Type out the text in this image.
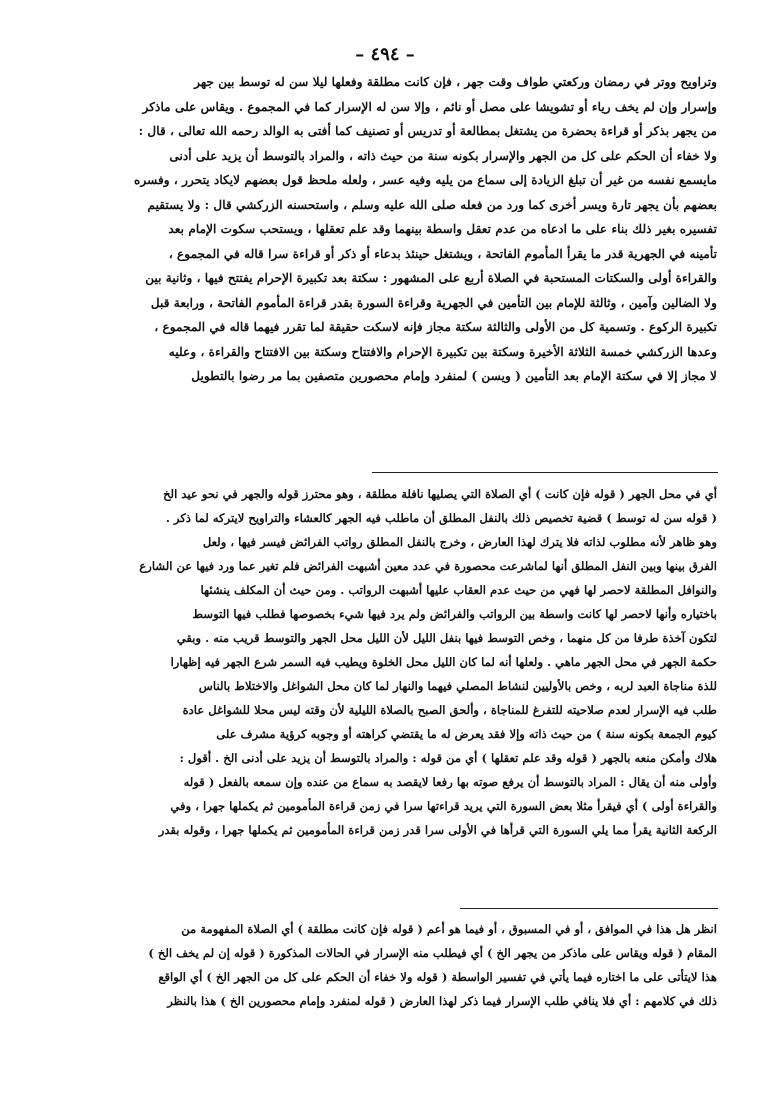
– ٤٩٤ –
وتراويح ووتر في رمضان وركعتي طواف وقت جهر ، فإن كانت مطلقة وفعلها ليلا سن له توسط بين جهر
وإسرار وإن لم يخف رياء أو تشويشا على مصل أو نائم ، وإلا سن له الإسرار كما في المجموع . ويقاس على ماذكر
من يجهر بذكر أو قراءة بحضرة من يشتغل بمطالعة أو تدريس أو تصنيف كما أفتى به الوالد رحمه الله تعالى ، قال :
ولا خفاء أن الحكم على كل من الجهر والإسرار بكونه سنة من حيث ذاته ، والمراد بالتوسط أن يزيد على أدنى
مايسمع نفسه من غير أن تبلغ الزيادة إلى سماع من يليه وفيه عسر ، ولعله ملحظ قول بعضهم لايكاد يتحرر ، وفسره
بعضهم بأن يجهر تارة ويسر أخرى كما ورد من فعله صلى الله عليه وسلم ، واستحسنه الزركشي قال : ولا يستقيم
تفسيره بغير ذلك بناء على ما ادعاه من عدم تعقل واسطة بينهما وقد علم تعقلها ، ويستحب سكوت الإمام بعد
تأمينه في الجهرية قدر ما يقرأ المأموم الفاتحة ، ويشتغل حينئذ بدعاء أو ذكر أو قراءة سرا قاله في المجموع ،
والقراءة أولى والسكتات المستحبة في الصلاة أربع على المشهور : سكتة بعد تكبيرة الإحرام يفتتح فيها ، وثانية بين
ولا الضالين وآمين ، وثالثة للإمام بين التأمين في الجهرية وقراءة السورة بقدر قراءة المأموم الفاتحة ، ورابعة قبل
تكبيرة الركوع . وتسمية كل من الأولى والثالثة سكتة مجاز فإنه لاسكت حقيقة لما تقرر فيهما قاله في المجموع ،
وعدها الزركشي خمسة الثلاثة الأخيرة وسكتة بين تكبيرة الإحرام والافتتاح وسكتة بين الافتتاح والقراءة ، وعليه
لا مجاز إلا في سكتة الإمام بعد التأمين ( ويسن ) لمنفرد وإمام محصورين متصفين بما مر رضوا بالتطويل
أي في محل الجهر ( قوله فإن كانت ) أي الصلاة التي يصليها نافلة مطلقة ، وهو محترز قوله والجهر في نحو عيد الخ
( قوله سن له توسط ) قضية تخصيص ذلك بالنفل المطلق أن ماطلب فيه الجهر كالعشاء والتراويح لايتركه لما ذكر .
وهو ظاهر لأنه مطلوب لذاته فلا يترك لهذا العارض ، وخرج بالنفل المطلق رواتب الفرائض فيسر فيها ، ولعل
الفرق بينها وبين النفل المطلق أنها لماشرعت محصورة في عدد معين أشبهت الفرائض فلم تغير عما ورد فيها عن الشارع
والنوافل المطلقة لاحصر لها فهي من حيث عدم العقاب عليها أشبهت الرواتب . ومن حيث أن المكلف ينشئها
باختياره وأنها لاحصر لها كانت واسطة بين الرواتب والفرائض ولم يرد فيها شيء بخصوصها فطلب فيها التوسط
لتكون آخذة طرفا من كل منهما ، وخص التوسط فيها بنفل الليل لأن الليل محل الجهر والتوسط قريب منه . وبقي
حكمة الجهر في محل الجهر ماهي . ولعلها أنه لما كان الليل محل الخلوة ويطيب فيه السمر شرع الجهر فيه إظهارا
للذة مناجاة العبد لربه ، وخص بالأوليين لنشاط المصلي فيهما والنهار لما كان محل الشواغل والاختلاط بالناس
طلب فيه الإسرار لعدم صلاحيته للتفرغ للمناجاة ، وألحق الصبح بالصلاة الليلية لأن وقته ليس محلا للشواغل عادة
كيوم الجمعة بكونه سنة ) من حيث ذاته وإلا فقد يعرض له ما يقتضي كراهته أو وجوبه كرؤية مشرف على
هلاك وأمكن منعه بالجهر ( قوله وقد علم تعقلها ) أي من قوله : والمراد بالتوسط أن يزيد على أدنى الخ . أقول :
وأولى منه أن يقال : المراد بالتوسط أن يرفع صوته بها رفعا لايقصد به سماع من عنده وإن سمعه بالفعل ( قوله
والقراءة أولى ) أي فيقرأ مثلا بعض السورة التي يريد قراءتها سرا في زمن قراءة المأمومين ثم يكملها جهرا ، وفي
الركعة الثانية يقرأ مما يلي السورة التي قرأها في الأولى سرا قدر زمن قراءة المأمومين ثم يكملها جهرا ، وقوله بقدر
انظر هل هذا في الموافق ، أو في المسبوق ، أو فيما هو أعم ( قوله فإن كانت مطلقة ) أي الصلاة المفهومة من
المقام ( قوله ويقاس على ماذكر من يجهر الخ ) أي فيطلب منه الإسرار في الحالات المذكورة ( قوله إن لم يخف الخ )
هذا لايتأتى على ما اختاره فيما يأتي في تفسير الواسطة ( قوله ولا خفاء أن الحكم على كل من الجهر الخ ) أي الواقع
ذلك في كلامهم : أي فلا ينافي طلب الإسرار فيما ذكر لهذا العارض ( قوله لمنفرد وإمام محصورين الخ ) هذا بالنظر
